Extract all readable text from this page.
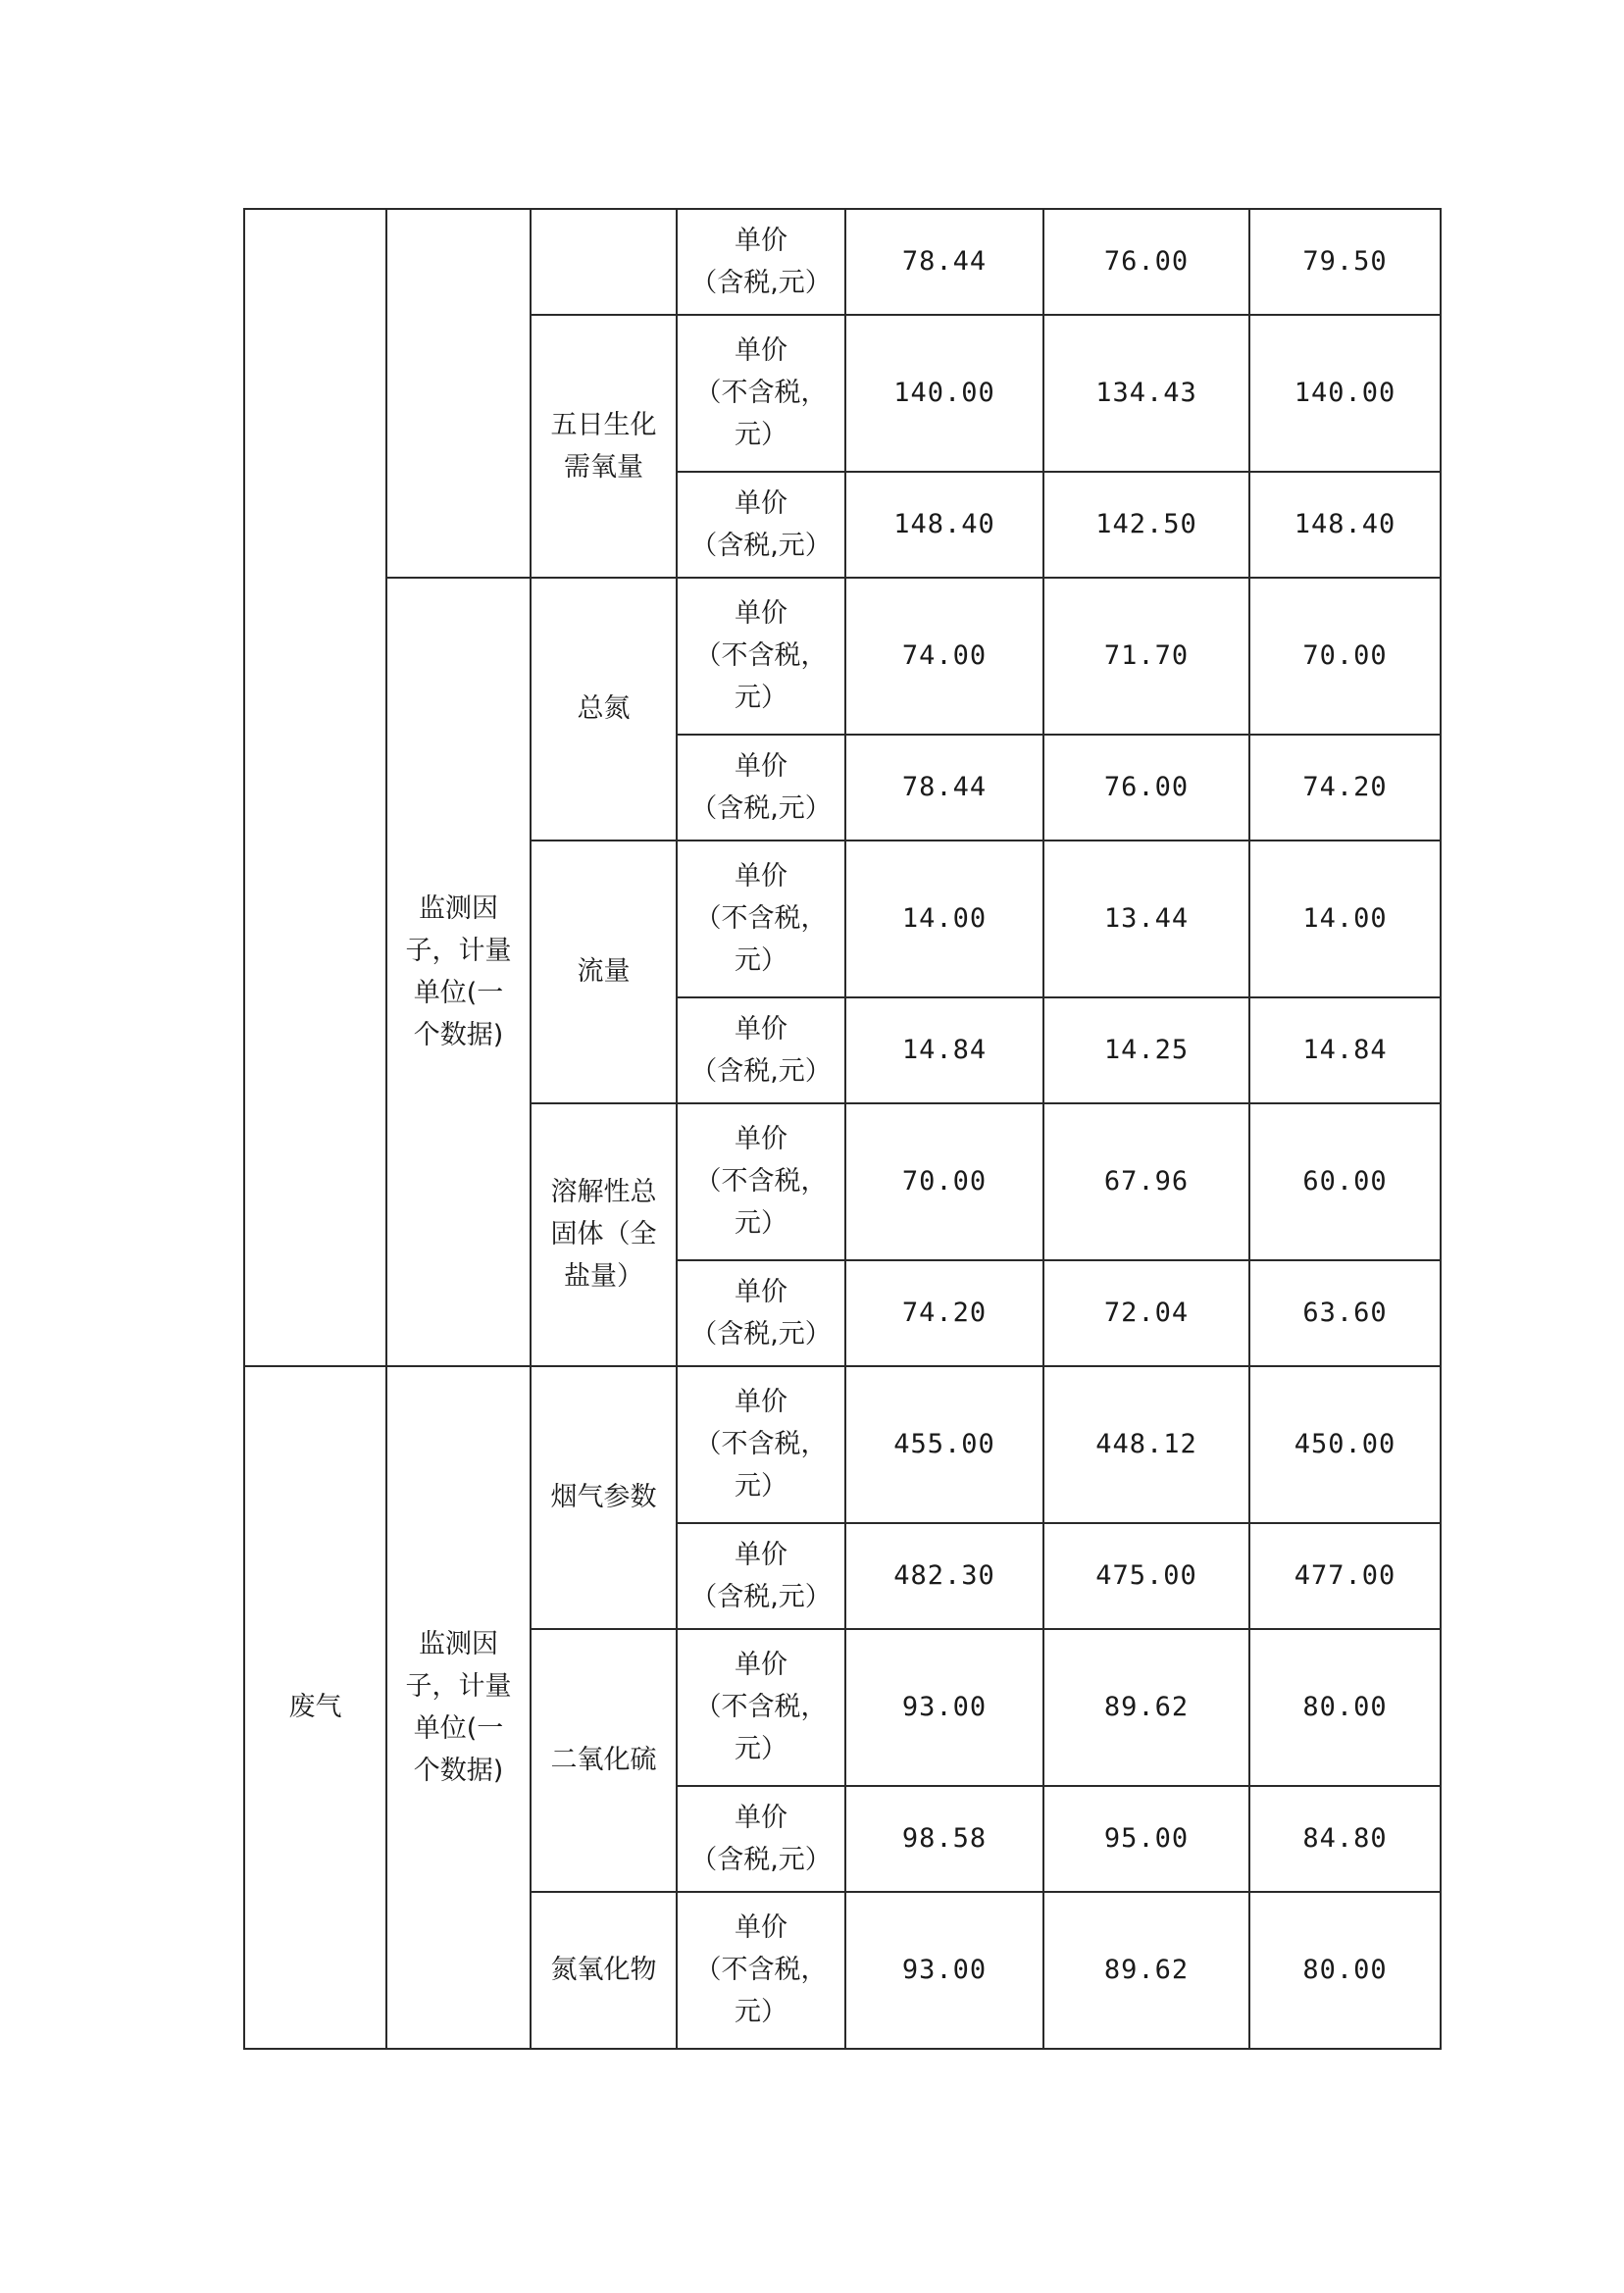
			单价
（含税,元）	78.44	76.00	79.50
		五日生化
需氧量	单价
（不含税，
元）	140.00	134.43	140.00
			单价
（含税,元）	148.40	142.50	148.40
	监测因
子，计量
单位(一
个数据)	总氮	单价
（不含税，
元）	74.00	71.70	70.00
			单价
（含税,元）	78.44	76.00	74.20
		流量	单价
（不含税，
元）	14.00	13.44	14.00
			单价
（含税,元）	14.84	14.25	14.84
		溶解性总
固体（全
盐量）	单价
（不含税，
元）	70.00	67.96	60.00
			单价
（含税,元）	74.20	72.04	63.60
废气	监测因
子，计量
单位(一
个数据)	烟气参数	单价
（不含税，
元）	455.00	448.12	450.00
			单价
（含税,元）	482.30	475.00	477.00
		二氧化硫	单价
（不含税，
元）	93.00	89.62	80.00
			单价
（含税,元）	98.58	95.00	84.80
		氮氧化物	单价
（不含税，
元）	93.00	89.62	80.00
